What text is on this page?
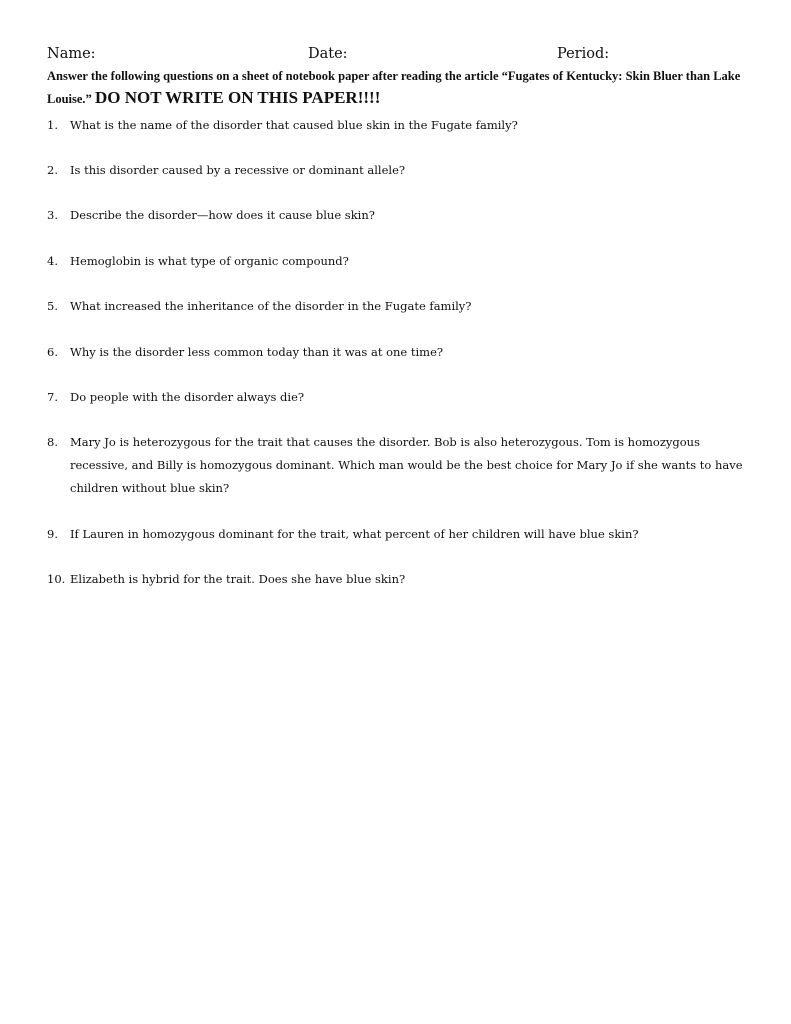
Name:	Date:	Period:
Answer the following questions on a sheet of notebook paper after reading the article “Fugates of Kentucky: Skin Bluer than Lake Louise.” DO NOT WRITE ON THIS PAPER!!!!
1. What is the name of the disorder that caused blue skin in the Fugate family?
2. Is this disorder caused by a recessive or dominant allele?
3. Describe the disorder—how does it cause blue skin?
4. Hemoglobin is what type of organic compound?
5. What increased the inheritance of the disorder in the Fugate family?
6. Why is the disorder less common today than it was at one time?
7. Do people with the disorder always die?
8. Mary Jo is heterozygous for the trait that causes the disorder. Bob is also heterozygous. Tom is homozygous recessive, and Billy is homozygous dominant. Which man would be the best choice for Mary Jo if she wants to have children without blue skin?
9. If Lauren in homozygous dominant for the trait, what percent of her children will have blue skin?
10. Elizabeth is hybrid for the trait. Does she have blue skin?
